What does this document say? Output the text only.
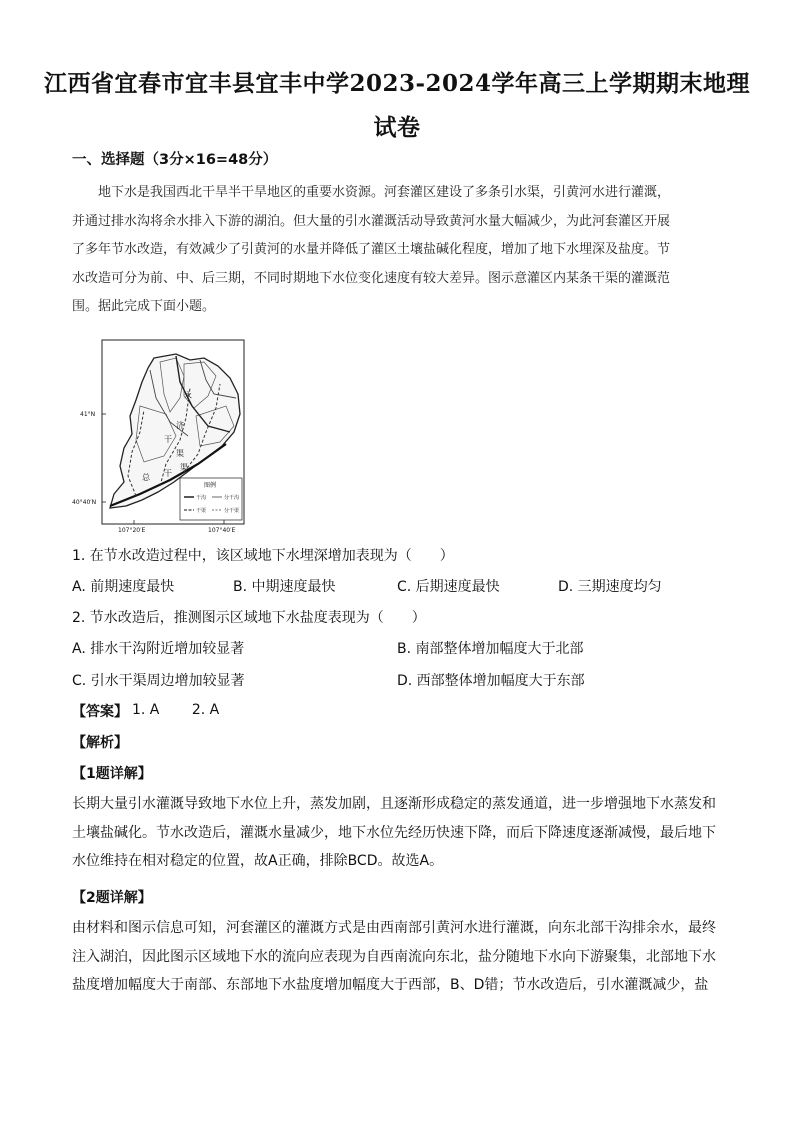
江西省宜春市宜丰县宜丰中学2023-2024学年高三上学期期末地理试卷
一、选择题（3分×16=48分）
地下水是我国西北干旱半干旱地区的重要水资源。河套灌区建设了多条引水渠，引黄河水进行灌溉，
并通过排水沟将余水排入下游的湖泊。但大量的引水灌溉活动导致黄河水量大幅减少，为此河套灌区开展
了多年节水改造，有效减少了引黄河的水量并降低了灌区土壤盐碱化程度，增加了地下水埋深及盐度。节
水改造可分为前、中、后三期，不同时期地下水位变化速度有较大差异。图示意灌区内某条干渠的灌溉范
围。据此完成下面小题。
永
济
干
渠
总 干
渠
41°N
40°40′N
107°20′E	107°40′E
图例
干沟	分干沟
干渠	分干渠
1. 在节水改造过程中，该区域地下水埋深增加表现为（　　）
A. 前期速度最快	B. 中期速度最快	C. 后期速度最快	D. 三期速度均匀
2. 节水改造后，推测图示区域地下水盐度表现为（　　）
A. 排水干沟附近增加较显著	B. 南部整体增加幅度大于北部
C. 引水干渠周边增加较显著	D. 西部整体增加幅度大于东部
【答案】 1. A 2. A
【解析】
【1题详解】
长期大量引水灌溉导致地下水位上升，蒸发加剧，且逐渐形成稳定的蒸发通道，进一步增强地下水蒸发和
土壤盐碱化。节水改造后，灌溉水量减少，地下水位先经历快速下降，而后下降速度逐渐减慢，最后地下
水位维持在相对稳定的位置，故A正确，排除BCD。故选A。
【2题详解】
由材料和图示信息可知，河套灌区的灌溉方式是由西南部引黄河水进行灌溉，向东北部干沟排余水，最终
注入湖泊，因此图示区域地下水的流向应表现为自西南流向东北，盐分随地下水向下游聚集，北部地下水
盐度增加幅度大于南部、东部地下水盐度增加幅度大于西部，B、D错；节水改造后，引水灌溉减少，盐
